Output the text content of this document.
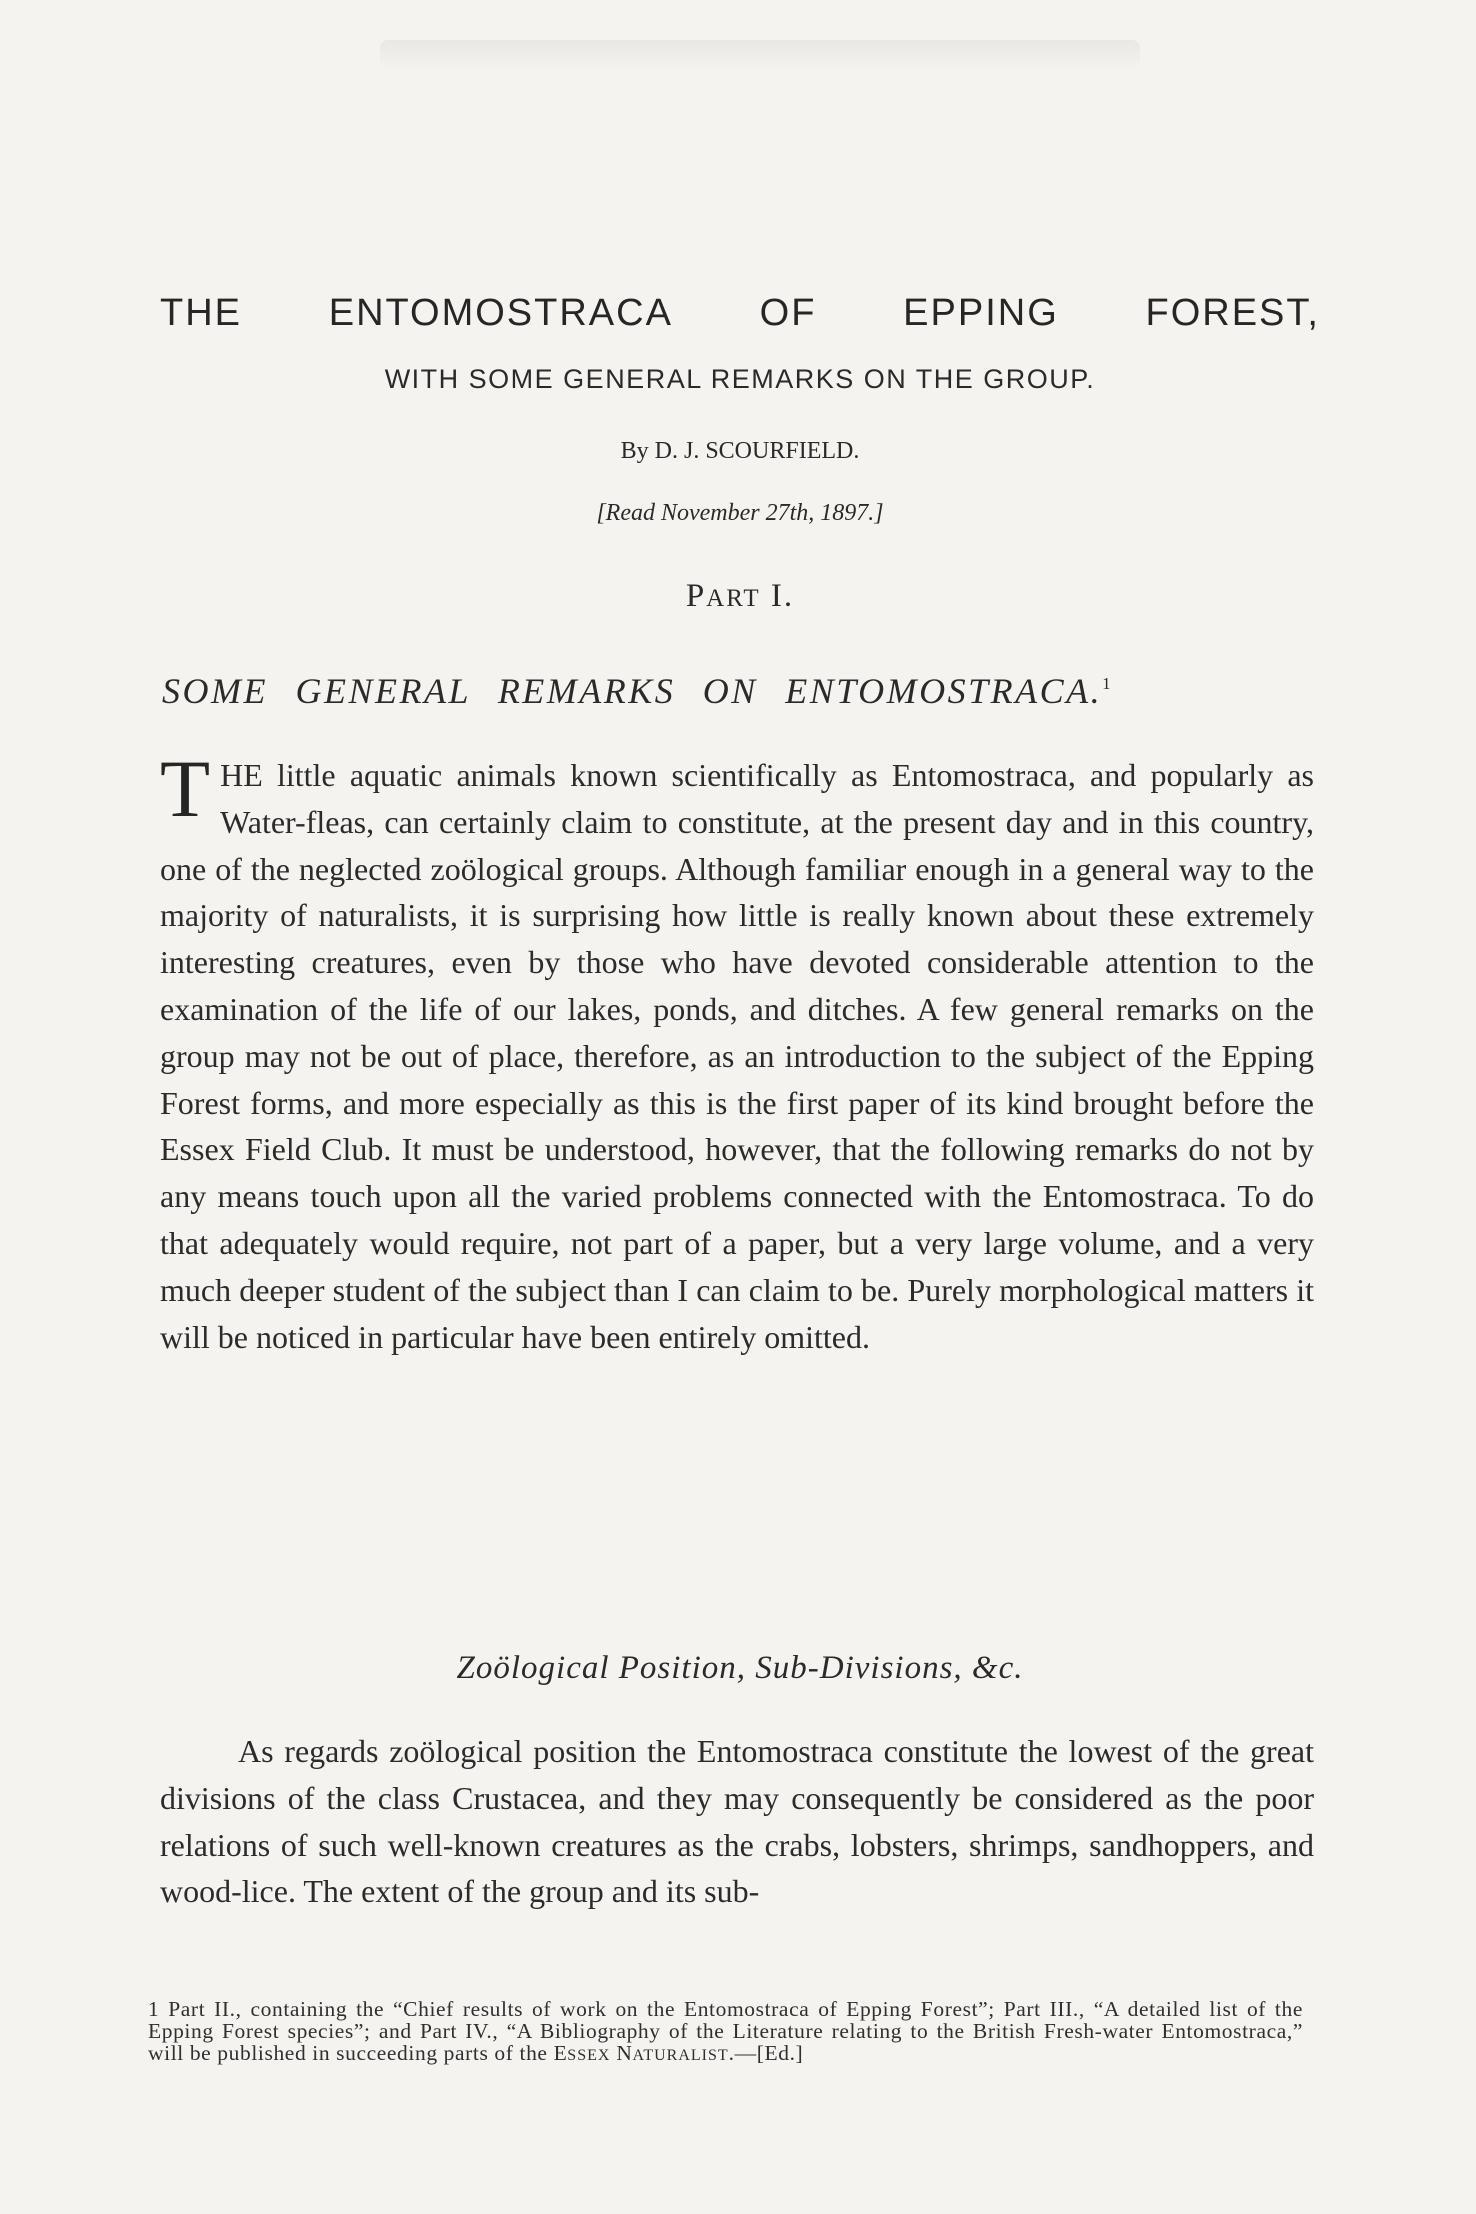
THE ENTOMOSTRACA OF EPPING FOREST,
WITH SOME GENERAL REMARKS ON THE GROUP.
By D. J. SCOURFIELD.
[Read November 27th, 1897.]
PART I.
SOME GENERAL REMARKS ON ENTOMOSTRACA.$^1$

THE little aquatic animals known scientifically as Entomostraca, and popularly as Water-fleas, can certainly claim to constitute, at the present day and in this country, one of the neglected zoölogical groups. Although familiar enough in a general way to the majority of naturalists, it is surprising how little is really known about these extremely interesting creatures, even by those who have devoted considerable attention to the examination of the life of our lakes, ponds, and ditches. A few general remarks on the group may not be out of place, therefore, as an introduction to the subject of the Epping Forest forms, and more especially as this is the first paper of its kind brought before the Essex Field Club. It must be understood, however, that the following remarks do not by any means touch upon all the varied problems connected with the Entomostraca. To do that adequately would require, not part of a paper, but a very large volume, and a very much deeper student of the subject than I can claim to be. Purely morphological matters it will be noticed in particular have been entirely omitted.

Zoölogical Position, Sub-Divisions, &c.

As regards zoölogical position the Entomostraca constitute the lowest of the great divisions of the class Crustacea, and they may consequently be considered as the poor relations of such well-known creatures as the crabs, lobsters, shrimps, sandhoppers, and wood-lice. The extent of the group and its sub-

1 Part II., containing the “Chief results of work on the Entomostraca of Epping Forest”; Part III., “A detailed list of the Epping Forest species”; and Part IV., “A Bibliography of the Literature relating to the British Fresh-water Entomostraca,” will be published in succeeding parts of the ESSEX NATURALIST.—[Ed.]
